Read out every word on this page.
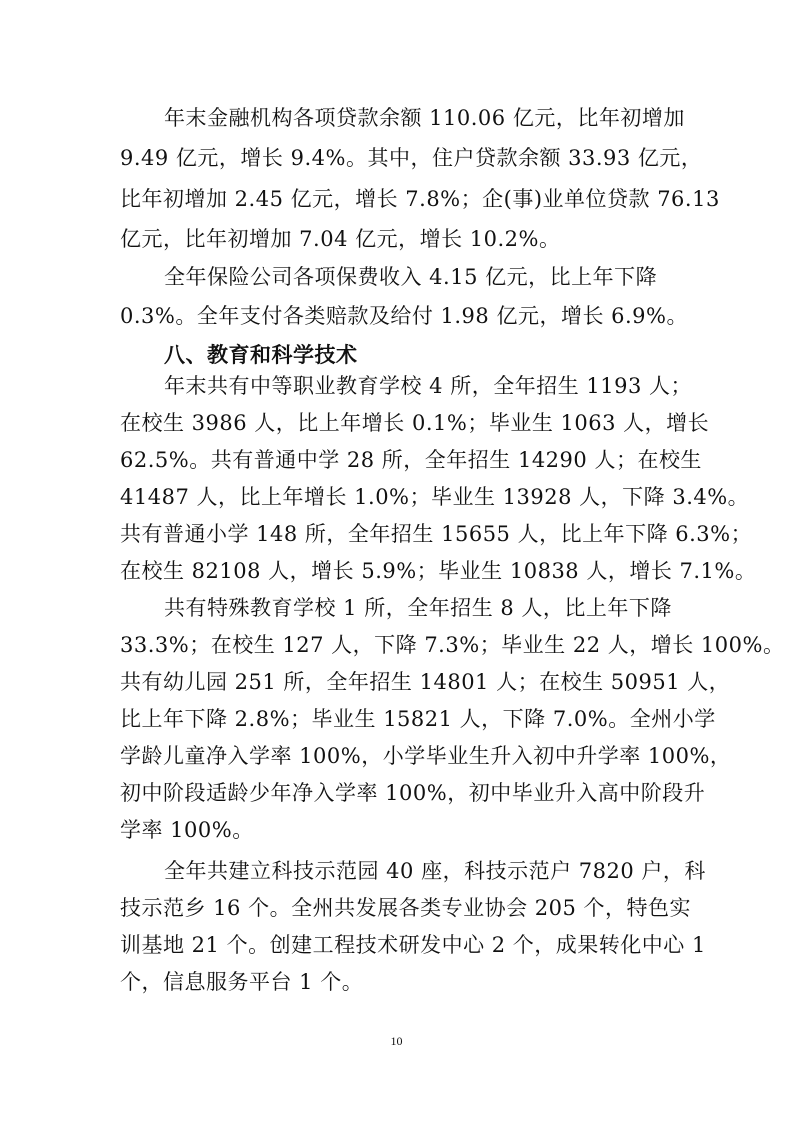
年末金融机构各项贷款余额 110.06 亿元，比年初增加
9.49 亿元，增长 9.4%。其中，住户贷款余额 33.93 亿元，
比年初增加 2.45 亿元，增长 7.8%；企(事)业单位贷款 76.13
亿元，比年初增加 7.04 亿元，增长 10.2%。
全年保险公司各项保费收入 4.15 亿元，比上年下降
0.3%。全年支付各类赔款及给付 1.98 亿元，增长 6.9%。
八、教育和科学技术
年末共有中等职业教育学校 4 所，全年招生 1193 人；
在校生 3986 人，比上年增长 0.1%；毕业生 1063 人，增长
62.5%。共有普通中学 28 所，全年招生 14290 人；在校生
41487 人，比上年增长 1.0%；毕业生 13928 人，下降 3.4%。
共有普通小学 148 所，全年招生 15655 人，比上年下降 6.3%；
在校生 82108 人，增长 5.9%；毕业生 10838 人，增长 7.1%。
共有特殊教育学校 1 所，全年招生 8 人，比上年下降
33.3%；在校生 127 人，下降 7.3%；毕业生 22 人，增长 100%。
共有幼儿园 251 所，全年招生 14801 人；在校生 50951 人，
比上年下降 2.8%；毕业生 15821 人，下降 7.0%。全州小学
学龄儿童净入学率 100%，小学毕业生升入初中升学率 100%，
初中阶段适龄少年净入学率 100%，初中毕业升入高中阶段升
学率 100%。
全年共建立科技示范园 40 座，科技示范户 7820 户，科
技示范乡 16 个。全州共发展各类专业协会 205 个，特色实
训基地 21 个。创建工程技术研发中心 2 个，成果转化中心 1
个，信息服务平台 1 个。
10
